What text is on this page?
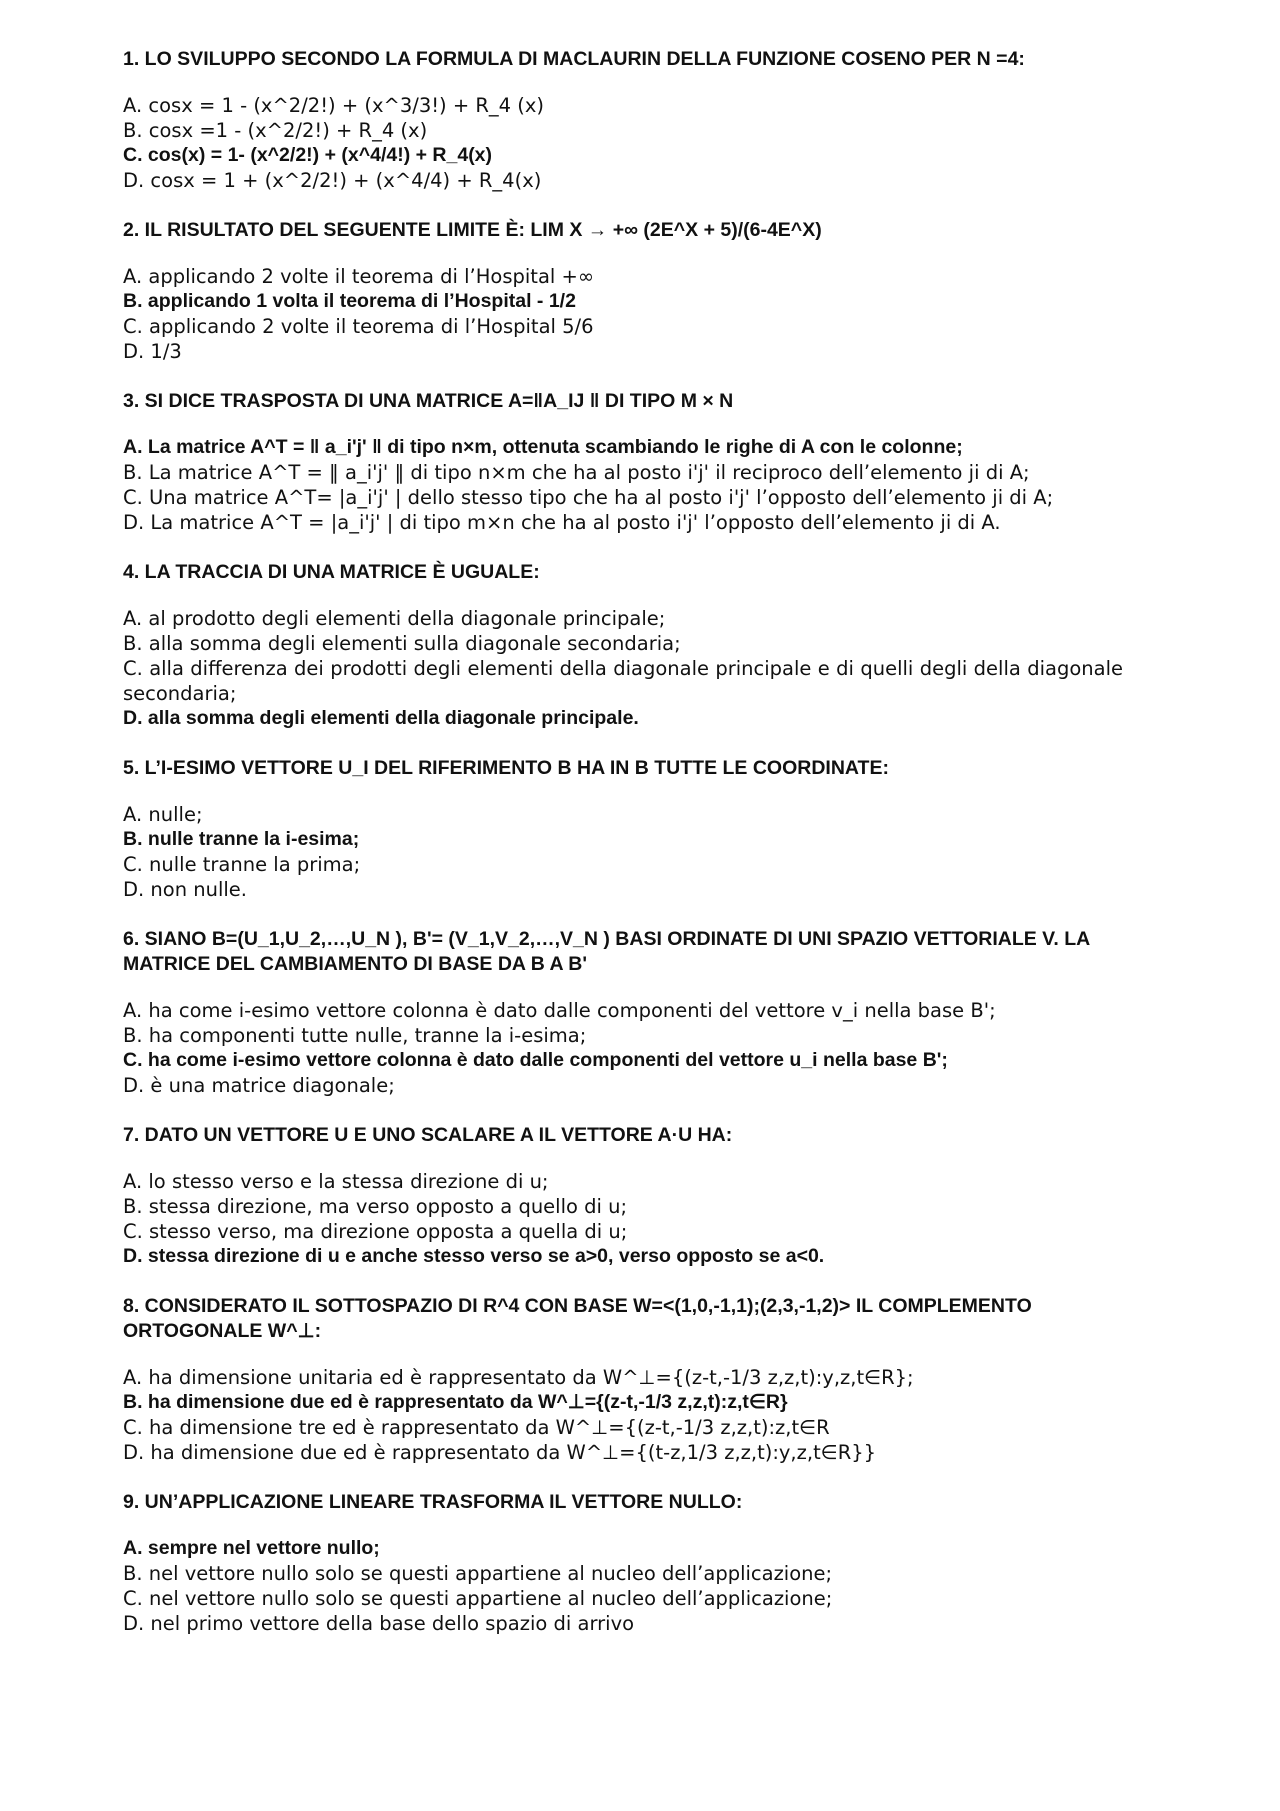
1. LO SVILUPPO SECONDO LA FORMULA DI MACLAURIN DELLA FUNZIONE COSENO PER N =4:

A. cosx = 1 - (x^2/2!) + (x^3/3!) + R_4 (x)

B. cosx =1 - (x^2/2!) + R_4 (x)

C. cos(x) = 1- (x^2/2!) + (x^4/4!) + R_4(x)

D. cosx = 1 + (x^2/2!) + (x^4/4) + R_4(x)

2. IL RISULTATO DEL SEGUENTE LIMITE È: LIM X → +∞ (2E^X + 5)/(6-4E^X)

A. applicando 2 volte il teorema di l’Hospital +∞

B. applicando 1 volta il teorema di l’Hospital - 1/2

C. applicando 2 volte il teorema di l’Hospital 5/6

D. 1/3

3. SI DICE TRASPOSTA DI UNA MATRICE A=‖A_IJ ‖ DI TIPO M × N

A. La matrice A^T = ‖ a_i'j' ‖ di tipo n×m, ottenuta scambiando le righe di A con le colonne;

B. La matrice A^T = ‖ a_i'j' ‖ di tipo n×m che ha al posto i'j' il reciproco dell’elemento ji di A;

C. Una matrice A^T= |a_i'j' | dello stesso tipo che ha al posto i'j' l’opposto dell’elemento ji di A;

D. La matrice A^T = |a_i'j' | di tipo m×n che ha al posto i'j' l’opposto dell’elemento ji di A.

4. LA TRACCIA DI UNA MATRICE È UGUALE:

A. al prodotto degli elementi della diagonale principale;

B. alla somma degli elementi sulla diagonale secondaria;

C. alla differenza dei prodotti degli elementi della diagonale principale e di quelli degli della diagonale secondaria;

D. alla somma degli elementi della diagonale principale.

5. L’I-ESIMO VETTORE U_I DEL RIFERIMENTO B HA IN B TUTTE LE COORDINATE:

A. nulle;

B. nulle tranne la i-esima;

C. nulle tranne la prima;

D. non nulle.

6. SIANO B=(U_1,U_2,…,U_N ), B'= (V_1,V_2,…,V_N ) BASI ORDINATE DI UNI SPAZIO VETTORIALE V. LA MATRICE DEL CAMBIAMENTO DI BASE DA B A B'

A. ha come i-esimo vettore colonna è dato dalle componenti del vettore v_i nella base B';

B. ha componenti tutte nulle, tranne la i-esima;

C. ha come i-esimo vettore colonna è dato dalle componenti del vettore u_i nella base B';

D. è una matrice diagonale;

7. DATO UN VETTORE U E UNO SCALARE A IL VETTORE A·U HA:

A. lo stesso verso e la stessa direzione di u;

B. stessa direzione, ma verso opposto a quello di u;

C. stesso verso, ma direzione opposta a quella di u;

D. stessa direzione di u e anche stesso verso se a>0, verso opposto se a<0.

8. CONSIDERATO IL SOTTOSPAZIO DI R^4 CON BASE W=<(1,0,-1,1);(2,3,-1,2)> IL COMPLEMENTO ORTOGONALE W^⊥:

A. ha dimensione unitaria ed è rappresentato da W^⊥={(z-t,-1/3 z,z,t):y,z,t∈R};

B. ha dimensione due ed è rappresentato da W^⊥={(z-t,-1/3 z,z,t):z,t∈R}

C. ha dimensione tre ed è rappresentato da W^⊥={(z-t,-1/3 z,z,t):z,t∈R

D. ha dimensione due ed è rappresentato da W^⊥={(t-z,1/3 z,z,t):y,z,t∈R}}

9. UN’APPLICAZIONE LINEARE TRASFORMA IL VETTORE NULLO:

A. sempre nel vettore nullo;

B. nel vettore nullo solo se questi appartiene al nucleo dell’applicazione;

C. nel vettore nullo solo se questi appartiene al nucleo dell’applicazione;

D. nel primo vettore della base dello spazio di arrivo
